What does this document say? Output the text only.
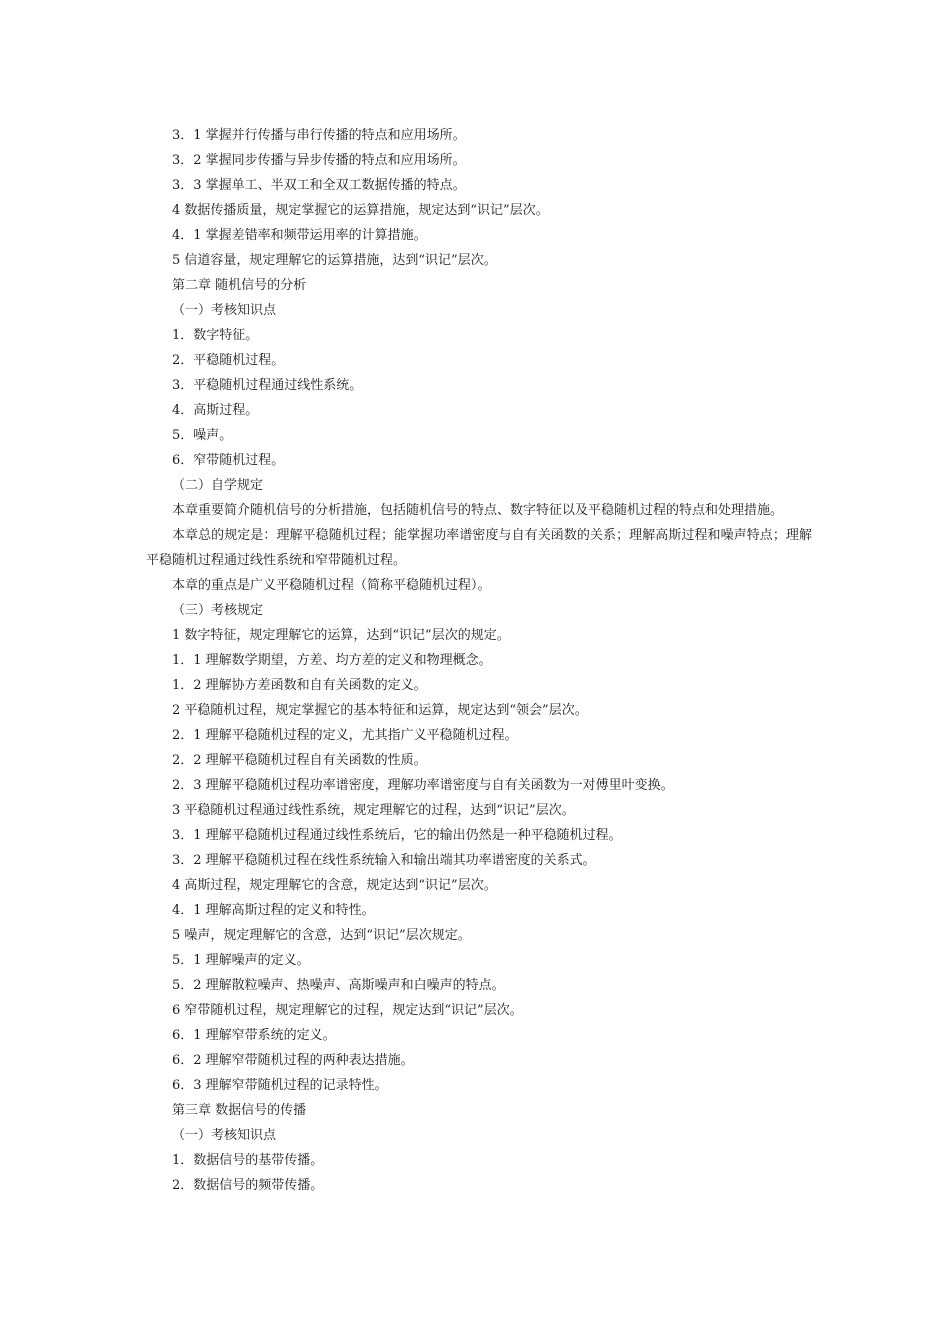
3．1 掌握并行传播与串行传播的特点和应用场所。
3．2 掌握同步传播与异步传播的特点和应用场所。
3．3 掌握单工、半双工和全双工数据传播的特点。
4 数据传播质量，规定掌握它的运算措施，规定达到“识记”层次。
4．1 掌握差错率和频带运用率的计算措施。
5 信道容量，规定理解它的运算措施，达到“识记”层次。
第二章 随机信号的分析
（一）考核知识点
1．数字特征。
2．平稳随机过程。
3．平稳随机过程通过线性系统。
4．高斯过程。
5．噪声。
6．窄带随机过程。
（二）自学规定

本章重要简介随机信号的分析措施，包括随机信号的特点、数字特征以及平稳随机过程的特点和处理措施。

本章总的规定是：理解平稳随机过程；能掌握功率谱密度与自有关函数的关系；理解高斯过程和噪声特点；理解平稳随机过程通过线性系统和窄带随机过程。

本章的重点是广义平稳随机过程（简称平稳随机过程）。
（三）考核规定
1 数字特征，规定理解它的运算，达到“识记”层次的规定。
1．1 理解数学期望，方差、均方差的定义和物理概念。
1．2 理解协方差函数和自有关函数的定义。
2 平稳随机过程，规定掌握它的基本特征和运算，规定达到“领会”层次。
2．1 理解平稳随机过程的定义，尤其指广义平稳随机过程。
2．2 理解平稳随机过程自有关函数的性质。
2．3 理解平稳随机过程功率谱密度，理解功率谱密度与自有关函数为一对傅里叶变换。
3 平稳随机过程通过线性系统，规定理解它的过程，达到“识记”层次。
3．1 理解平稳随机过程通过线性系统后，它的输出仍然是一种平稳随机过程。
3．2 理解平稳随机过程在线性系统输入和输出端其功率谱密度的关系式。
4 高斯过程，规定理解它的含意，规定达到“识记”层次。
4．1 理解高斯过程的定义和特性。
5 噪声，规定理解它的含意，达到“识记”层次规定。
5．1 理解噪声的定义。
5．2 理解散粒噪声、热噪声、高斯噪声和白噪声的特点。
6 窄带随机过程，规定理解它的过程，规定达到“识记”层次。
6．1 理解窄带系统的定义。
6．2 理解窄带随机过程的两种表达措施。
6．3 理解窄带随机过程的记录特性。
第三章 数据信号的传播
（一）考核知识点
1．数据信号的基带传播。
2．数据信号的频带传播。
